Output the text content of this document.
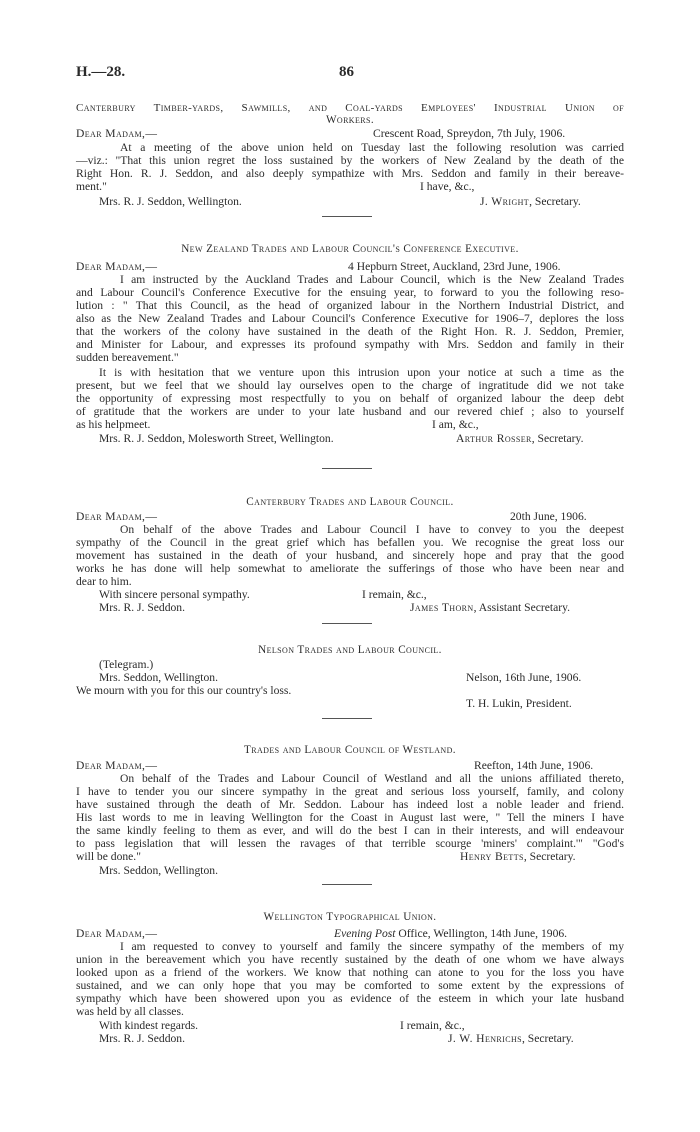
H.—28.	86
Canterbury Timber-yards, Sawmills, and Coal-yards Employees' Industrial Union of
Workers.
Dear Madam,—	Crescent Road, Spreydon, 7th July, 1906.
At a meeting of the above union held on Tuesday last the following resolution was carried
—viz.: "That this union regret the loss sustained by the workers of New Zealand by the death of the
Right Hon. R. J. Seddon, and also deeply sympathize with Mrs. Seddon and family in their bereave-
ment."	I have, &c.,
Mrs. R. J. Seddon, Wellington.	J. Wright, Secretary.
New Zealand Trades and Labour Council's Conference Executive.
Dear Madam,—	4 Hepburn Street, Auckland, 23rd June, 1906.
I am instructed by the Auckland Trades and Labour Council, which is the New Zealand Trades
and Labour Council's Conference Executive for the ensuing year, to forward to you the following reso-
lution : " That this Council, as the head of organized labour in the Northern Industrial District, and
also as the New Zealand Trades and Labour Council's Conference Executive for 1906–7, deplores the loss
that the workers of the colony have sustained in the death of the Right Hon. R. J. Seddon, Premier,
and Minister for Labour, and expresses its profound sympathy with Mrs. Seddon and family in their
sudden bereavement."
It is with hesitation that we venture upon this intrusion upon your notice at such a time as the
present, but we feel that we should lay ourselves open to the charge of ingratitude did we not take
the opportunity of expressing most respectfully to you on behalf of organized labour the deep debt
of gratitude that the workers are under to your late husband and our revered chief ; also to yourself
as his helpmeet.	I am, &c.,
Mrs. R. J. Seddon, Molesworth Street, Wellington.	Arthur Rosser, Secretary.
Canterbury Trades and Labour Council.
Dear Madam,—	20th June, 1906.
On behalf of the above Trades and Labour Council I have to convey to you the deepest
sympathy of the Council in the great grief which has befallen you. We recognise the great loss our
movement has sustained in the death of your husband, and sincerely hope and pray that the good
works he has done will help somewhat to ameliorate the sufferings of those who have been near and
dear to him.
With sincere personal sympathy.	I remain, &c.,
Mrs. R. J. Seddon.	James Thorn, Assistant Secretary.
Nelson Trades and Labour Council.
(Telegram.)
Mrs. Seddon, Wellington.	Nelson, 16th June, 1906.
We mourn with you for this our country's loss.
T. H. Lukin, President.
Trades and Labour Council of Westland.
Dear Madam,—	Reefton, 14th June, 1906.
On behalf of the Trades and Labour Council of Westland and all the unions affiliated thereto,
I have to tender you our sincere sympathy in the great and serious loss yourself, family, and colony
have sustained through the death of Mr. Seddon. Labour has indeed lost a noble leader and friend.
His last words to me in leaving Wellington for the Coast in August last were, " Tell the miners I have
the same kindly feeling to them as ever, and will do the best I can in their interests, and will endeavour
to pass legislation that will lessen the ravages of that terrible scourge 'miners' complaint.'" "God's
will be done."	Henry Betts, Secretary.
Mrs. Seddon, Wellington.
Wellington Typographical Union.
Dear Madam,—	Evening Post Office, Wellington, 14th June, 1906.
I am requested to convey to yourself and family the sincere sympathy of the members of my
union in the bereavement which you have recently sustained by the death of one whom we have always
looked upon as a friend of the workers. We know that nothing can atone to you for the loss you have
sustained, and we can only hope that you may be comforted to some extent by the expressions of
sympathy which have been showered upon you as evidence of the esteem in which your late husband
was held by all classes.
With kindest regards.	I remain, &c.,
Mrs. R. J. Seddon.	J. W. Henrichs, Secretary.
